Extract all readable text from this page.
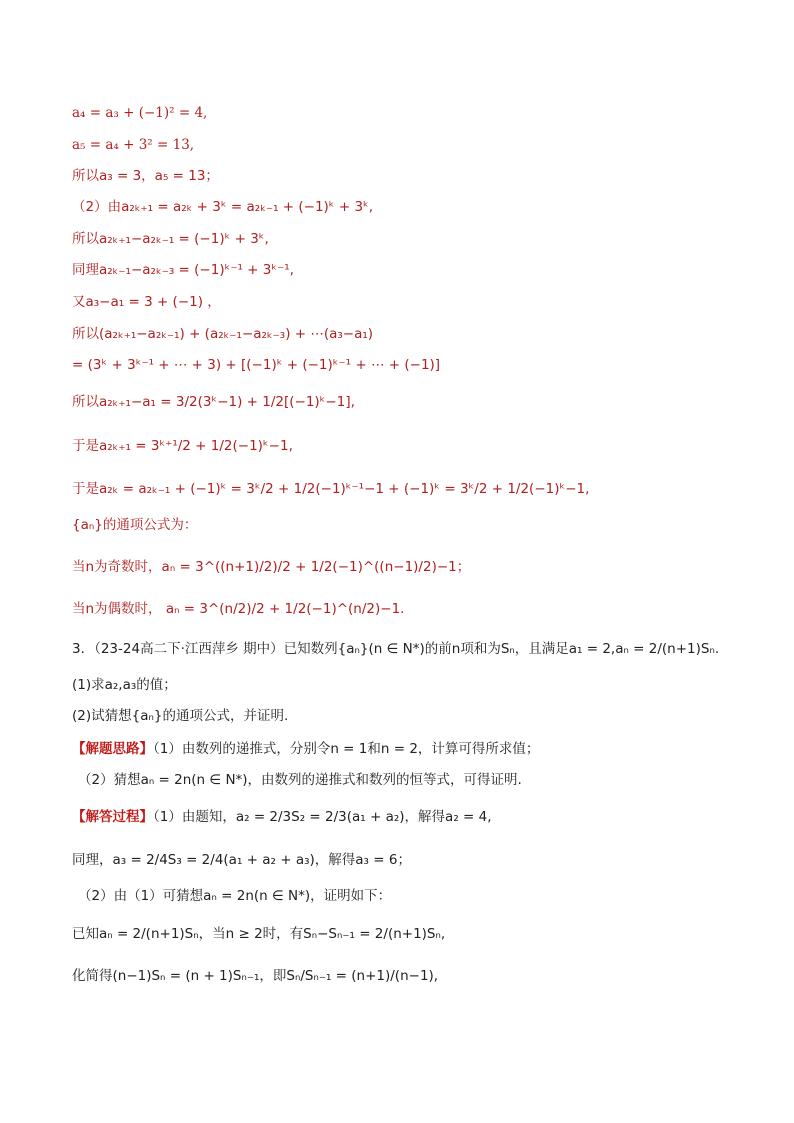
a₄ = a₃ + (−1)² = 4,
a₅ = a₄ + 3² = 13,
所以a₃ = 3，a₅ = 13；
（2）由a₂ₖ₊₁ = a₂ₖ + 3ᵏ = a₂ₖ₋₁ + (−1)ᵏ + 3ᵏ,
所以a₂ₖ₊₁−a₂ₖ₋₁ = (−1)ᵏ + 3ᵏ,
同理a₂ₖ₋₁−a₂ₖ₋₃ = (−1)ᵏ⁻¹ + 3ᵏ⁻¹,
又a₃−a₁ = 3 + (−1) ，
所以(a₂ₖ₊₁−a₂ₖ₋₁) + (a₂ₖ₋₁−a₂ₖ₋₃) + ⋯(a₃−a₁)
= (3ᵏ + 3ᵏ⁻¹ + ⋯ + 3) + [(−1)ᵏ + (−1)ᵏ⁻¹ + ⋯ + (−1)]
所以a₂ₖ₊₁−a₁ = 3/2(3ᵏ−1) + 1/2[(−1)ᵏ−1],
于是a₂ₖ₊₁ = 3ᵏ⁺¹/2 + 1/2(−1)ᵏ−1,
于是a₂ₖ = a₂ₖ₋₁ + (−1)ᵏ = 3ᵏ/2 + 1/2(−1)ᵏ⁻¹−1 + (−1)ᵏ = 3ᵏ/2 + 1/2(−1)ᵏ−1,
{aₙ}的通项公式为：
当n为奇数时，aₙ = 3^((n+1)/2)/2 + 1/2(−1)^((n−1)/2)−1；
当n为偶数时， aₙ = 3^(n/2)/2 + 1/2(−1)^(n/2)−1.
3．（23-24高二下·江西萍乡 期中）已知数列{aₙ}(n ∈ N*)的前n项和为Sₙ，且满足a₁ = 2,aₙ = 2/(n+1)Sₙ.
(1)求a₂,a₃的值；
(2)试猜想{aₙ}的通项公式，并证明.
【解题思路】（1）由数列的递推式，分别令n = 1和n = 2，计算可得所求值；
（2）猜想aₙ = 2n(n ∈ N*)，由数列的递推式和数列的恒等式，可得证明.
【解答过程】（1）由题知，a₂ = 2/3S₂ = 2/3(a₁ + a₂)，解得a₂ = 4,
同理，a₃ = 2/4S₃ = 2/4(a₁ + a₂ + a₃)，解得a₃ = 6；
（2）由（1）可猜想aₙ = 2n(n ∈ N*)，证明如下：
已知aₙ = 2/(n+1)Sₙ，当n ≥ 2时，有Sₙ−Sₙ₋₁ = 2/(n+1)Sₙ,
化简得(n−1)Sₙ = (n + 1)Sₙ₋₁，即Sₙ/Sₙ₋₁ = (n+1)/(n−1),
